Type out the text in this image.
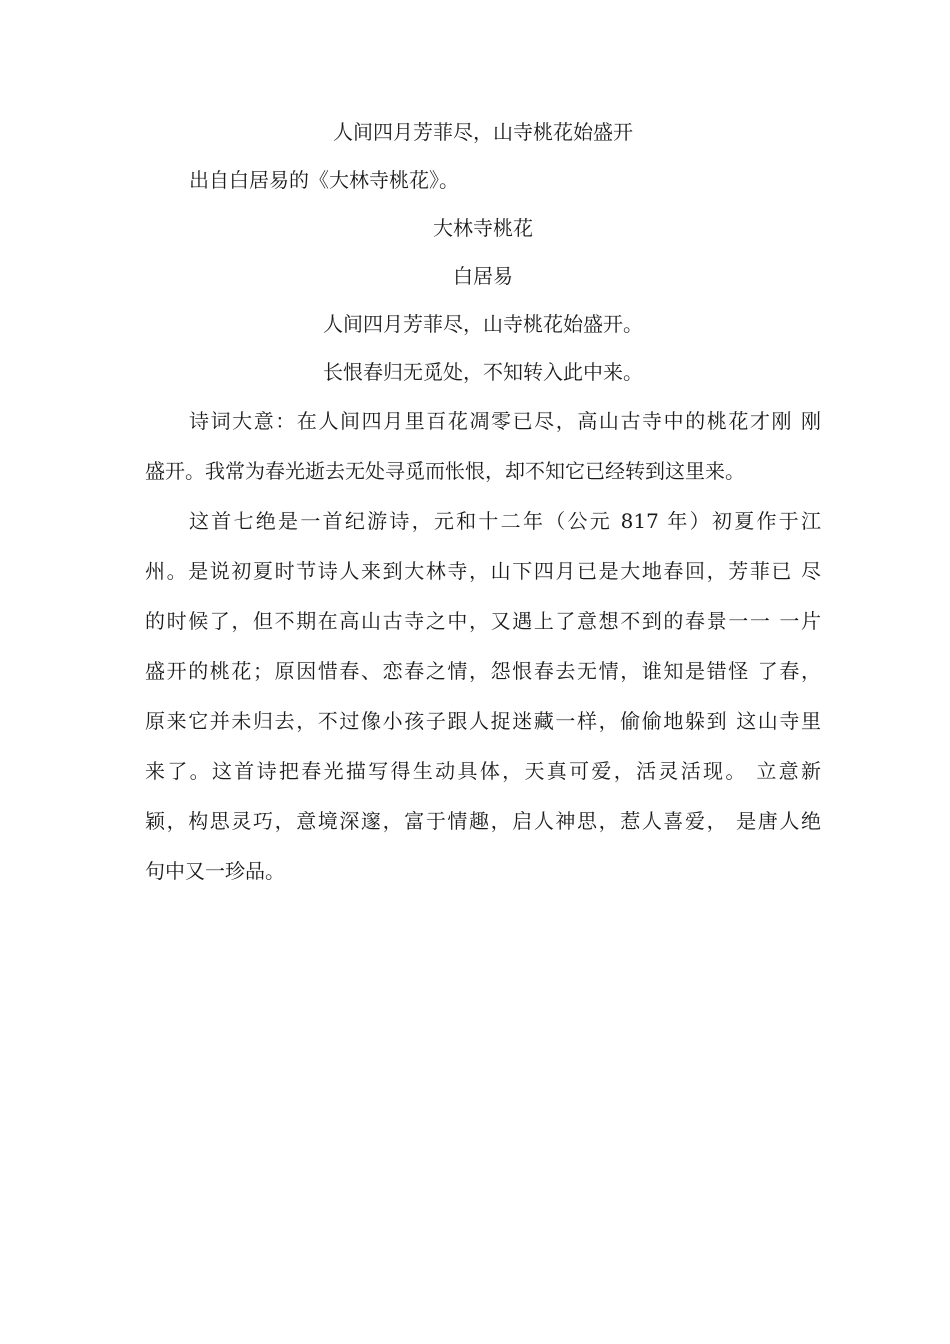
人间四月芳菲尽，山寺桃花始盛开

出自白居易的《大林寺桃花》。

大林寺桃花

白居易

人间四月芳菲尽，山寺桃花始盛开。

长恨春归无觅处，不知转入此中来。

诗词大意：在人间四月里百花凋零已尽，高山古寺中的桃花才刚 刚
盛开。我常为春光逝去无处寻觅而怅恨，却不知它已经转到这里来。
这首七绝是一首纪游诗，元和十二年（公元 817 年）初夏作于江
州。是说初夏时节诗人来到大林寺，山下四月已是大地春回，芳菲已 尽
的时候了，但不期在高山古寺之中，又遇上了意想不到的春景一一 一片
盛开的桃花；原因惜春、恋春之情，怨恨春去无情，谁知是错怪 了春，
原来它并未归去，不过像小孩子跟人捉迷藏一样，偷偷地躲到 这山寺里
来了。这首诗把春光描写得生动具体，天真可爱，活灵活现。 立意新
颖，构思灵巧，意境深邃，富于情趣，启人神思，惹人喜爱， 是唐人绝
句中又一珍品。
